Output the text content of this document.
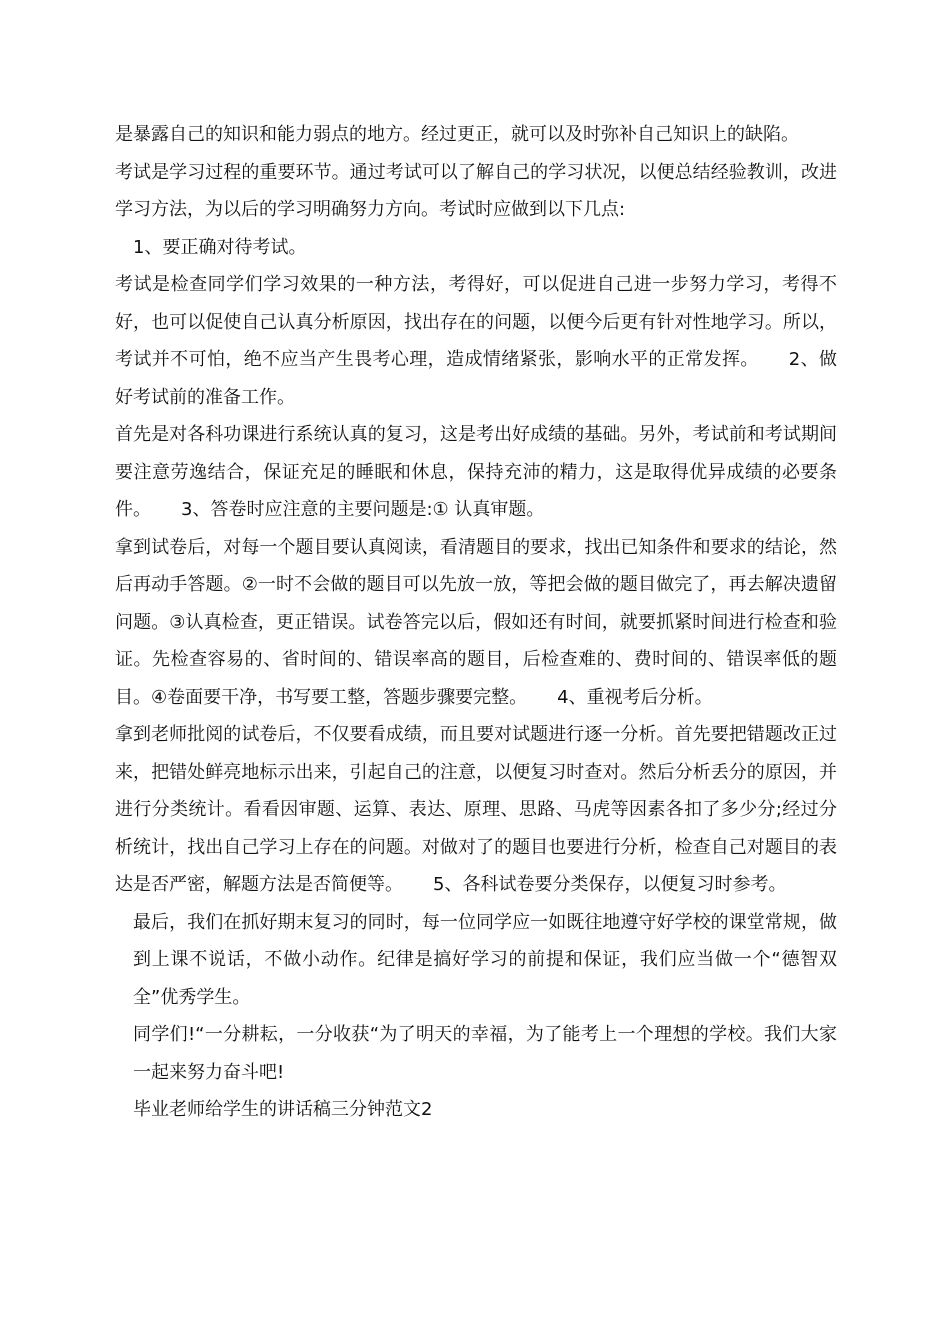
是暴露自己的知识和能力弱点的地方。经过更正，就可以及时弥补自己知识上的缺陷。

考试是学习过程的重要环节。通过考试可以了解自己的学习状况，以便总结经验教训，改进学习方法，为以后的学习明确努力方向。考试时应做到以下几点:

1、要正确对待考试。

考试是检查同学们学习效果的一种方法，考得好，可以促进自己进一步努力学习，考得不好，也可以促使自己认真分析原因，找出存在的问题，以便今后更有针对性地学习。所以，考试并不可怕，绝不应当产生畏考心理，造成情绪紧张，影响水平的正常发挥。 2、做好考试前的准备工作。

首先是对各科功课进行系统认真的复习，这是考出好成绩的基础。另外，考试前和考试期间要注意劳逸结合，保证充足的睡眠和休息，保持充沛的精力，这是取得优异成绩的必要条件。 3、答卷时应注意的主要问题是:① 认真审题。

拿到试卷后，对每一个题目要认真阅读，看清题目的要求，找出已知条件和要求的结论，然后再动手答题。②一时不会做的题目可以先放一放，等把会做的题目做完了，再去解决遗留问题。③认真检查，更正错误。试卷答完以后，假如还有时间，就要抓紧时间进行检查和验证。先检查容易的、省时间的、错误率高的题目，后检查难的、费时间的、错误率低的题目。④卷面要干净，书写要工整，答题步骤要完整。 4、重视考后分析。

拿到老师批阅的试卷后，不仅要看成绩，而且要对试题进行逐一分析。首先要把错题改正过来，把错处鲜亮地标示出来，引起自己的注意，以便复习时查对。然后分析丢分的原因，并进行分类统计。看看因审题、运算、表达、原理、思路、马虎等因素各扣了多少分;经过分析统计，找出自己学习上存在的问题。对做对了的题目也要进行分析，检查自己对题目的表达是否严密，解题方法是否简便等。 5、各科试卷要分类保存，以便复习时参考。

最后，我们在抓好期末复习的同时，每一位同学应一如既往地遵守好学校的课堂常规，做到上课不说话，不做小动作。纪律是搞好学习的前提和保证，我们应当做一个“德智双全”优秀学生。

同学们!“一分耕耘，一分收获“为了明天的幸福，为了能考上一个理想的学校。我们大家一起来努力奋斗吧!

毕业老师给学生的讲话稿三分钟范文2
